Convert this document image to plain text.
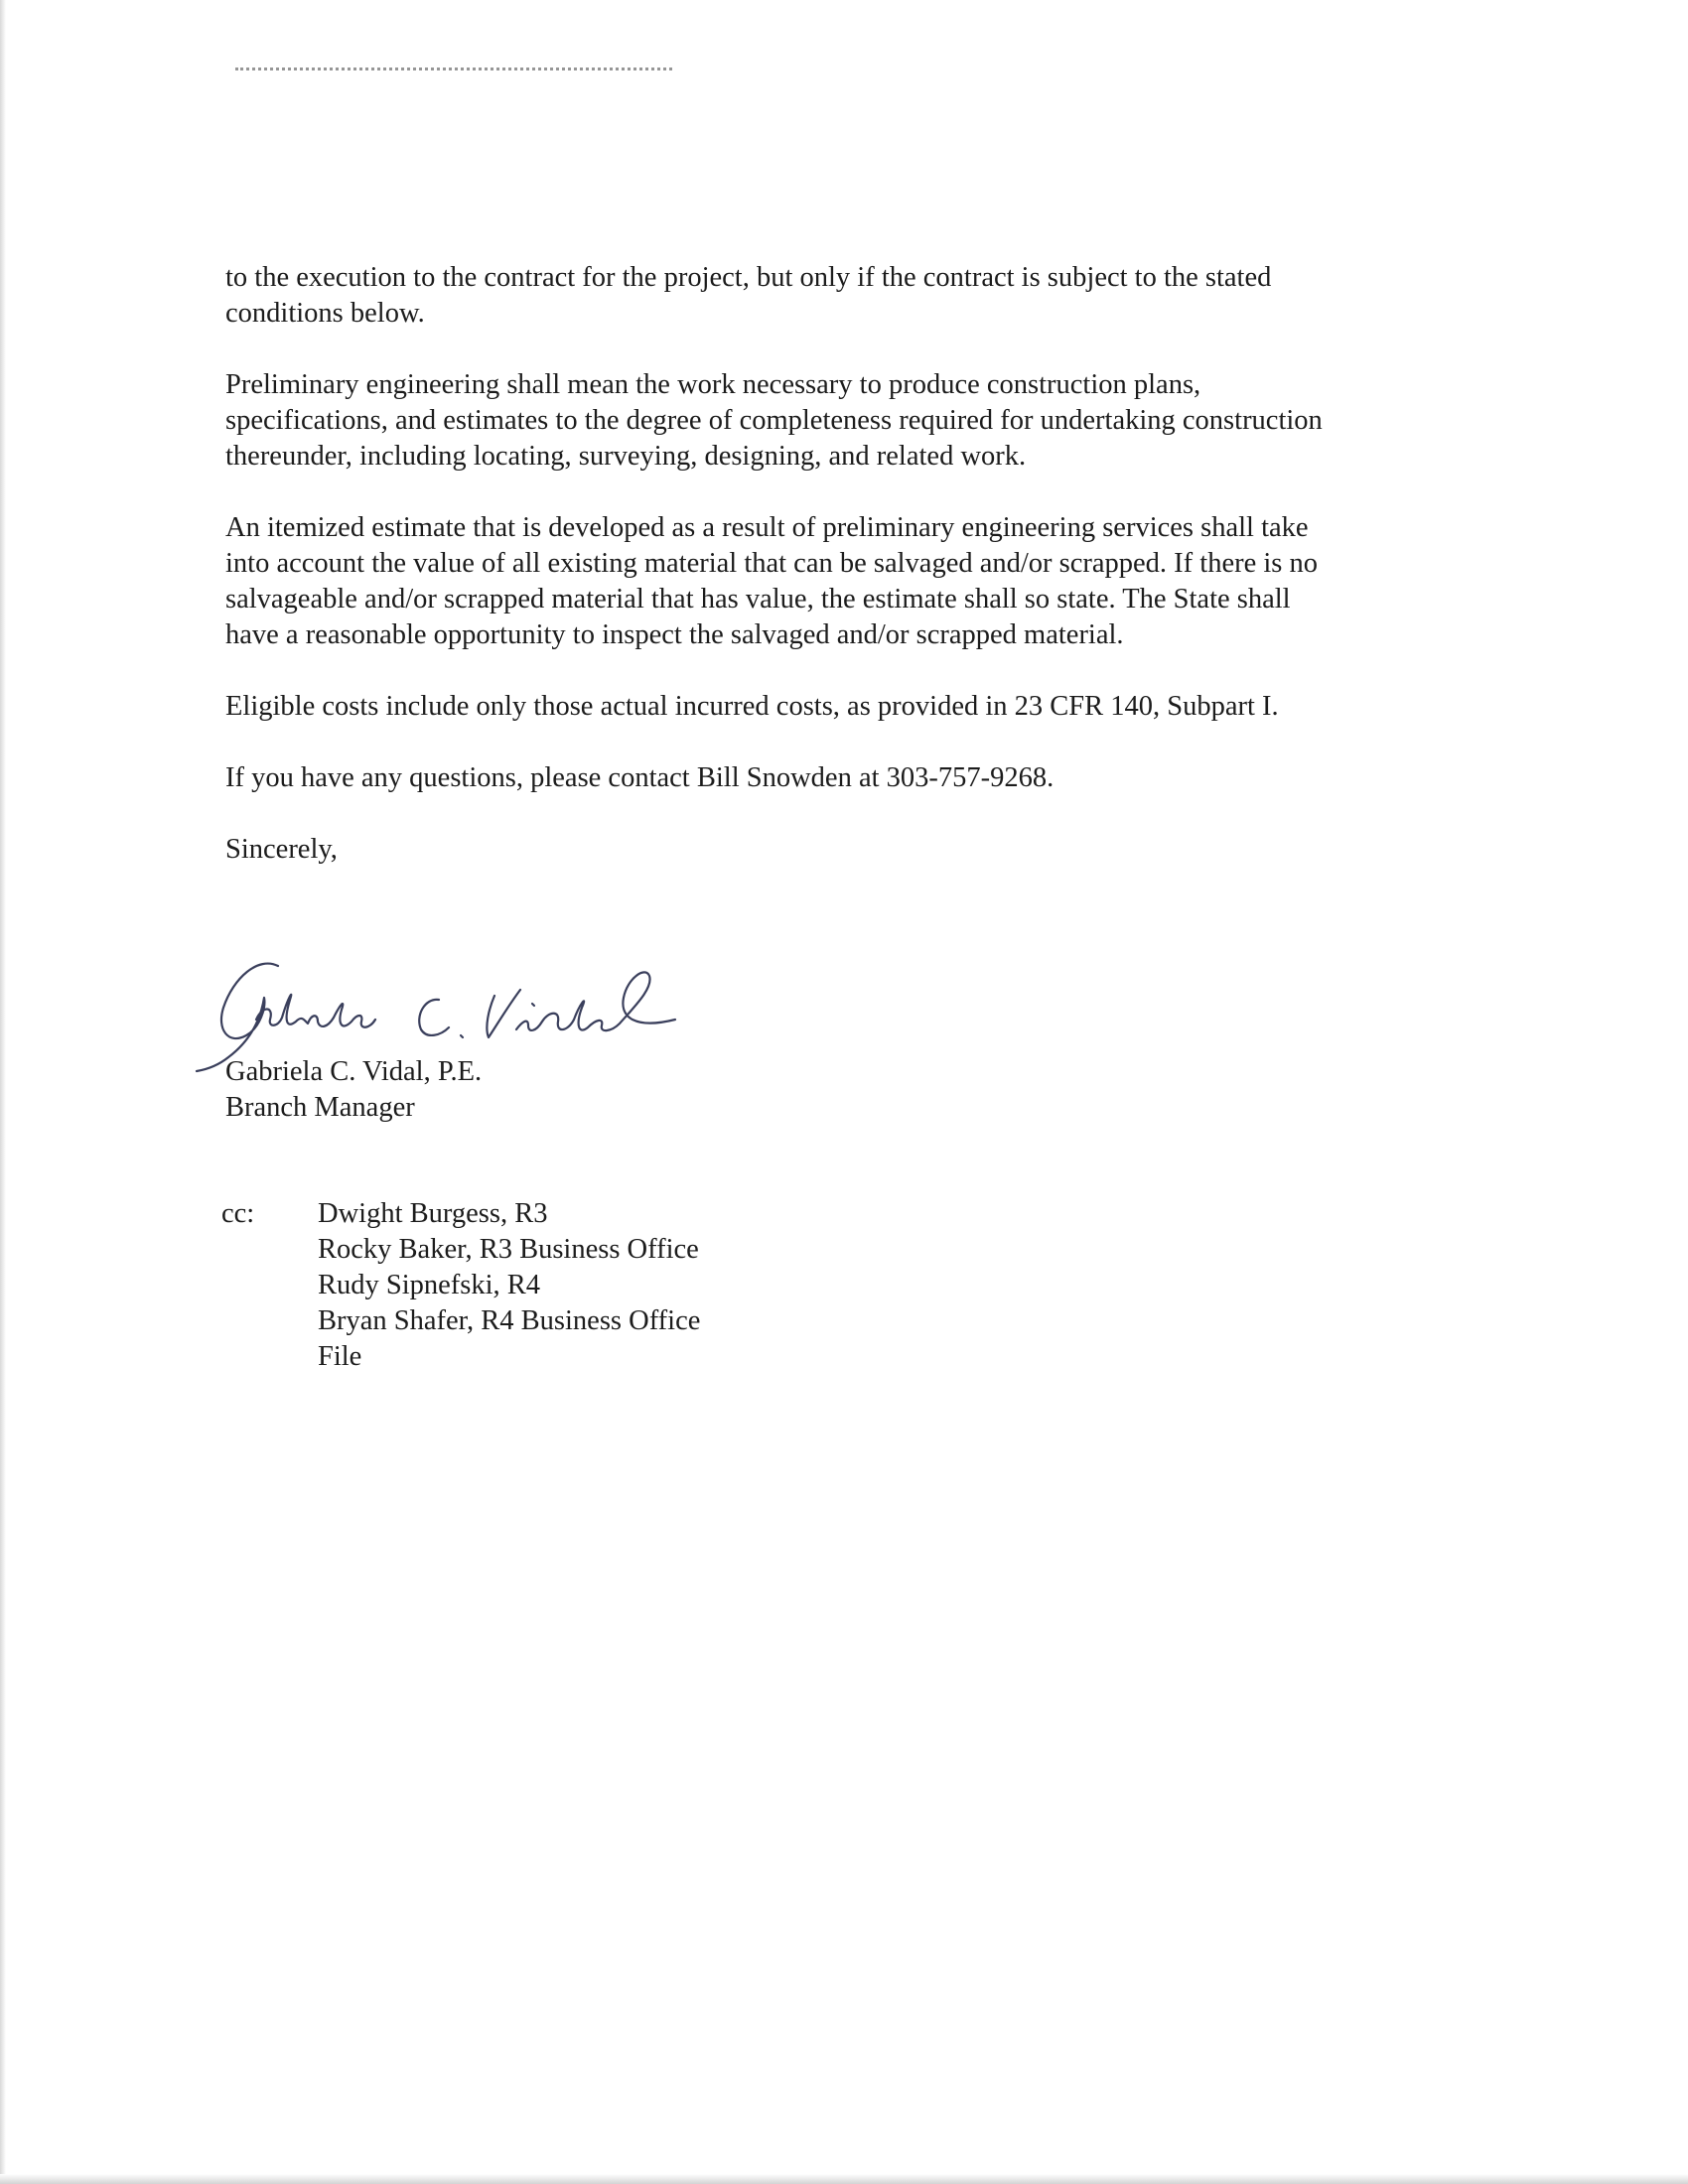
to the execution to the contract for the project, but only if the contract is subject to the stated conditions below.

Preliminary engineering shall mean the work necessary to produce construction plans, specifications, and estimates to the degree of completeness required for undertaking construction thereunder, including locating, surveying, designing, and related work.

An itemized estimate that is developed as a result of preliminary engineering services shall take into account the value of all existing material that can be salvaged and/or scrapped. If there is no salvageable and/or scrapped material that has value, the estimate shall so state. The State shall have a reasonable opportunity to inspect the salvaged and/or scrapped material.

Eligible costs include only those actual incurred costs, as provided in 23 CFR 140, Subpart I.

If you have any questions, please contact Bill Snowden at 303-757-9268.

Sincerely,

Gabriela C. Vidal, P.E.
Branch Manager
cc: Dwight Burgess, R3
Rocky Baker, R3 Business Office
Rudy Sipnefski, R4
Bryan Shafer, R4 Business Office
File
